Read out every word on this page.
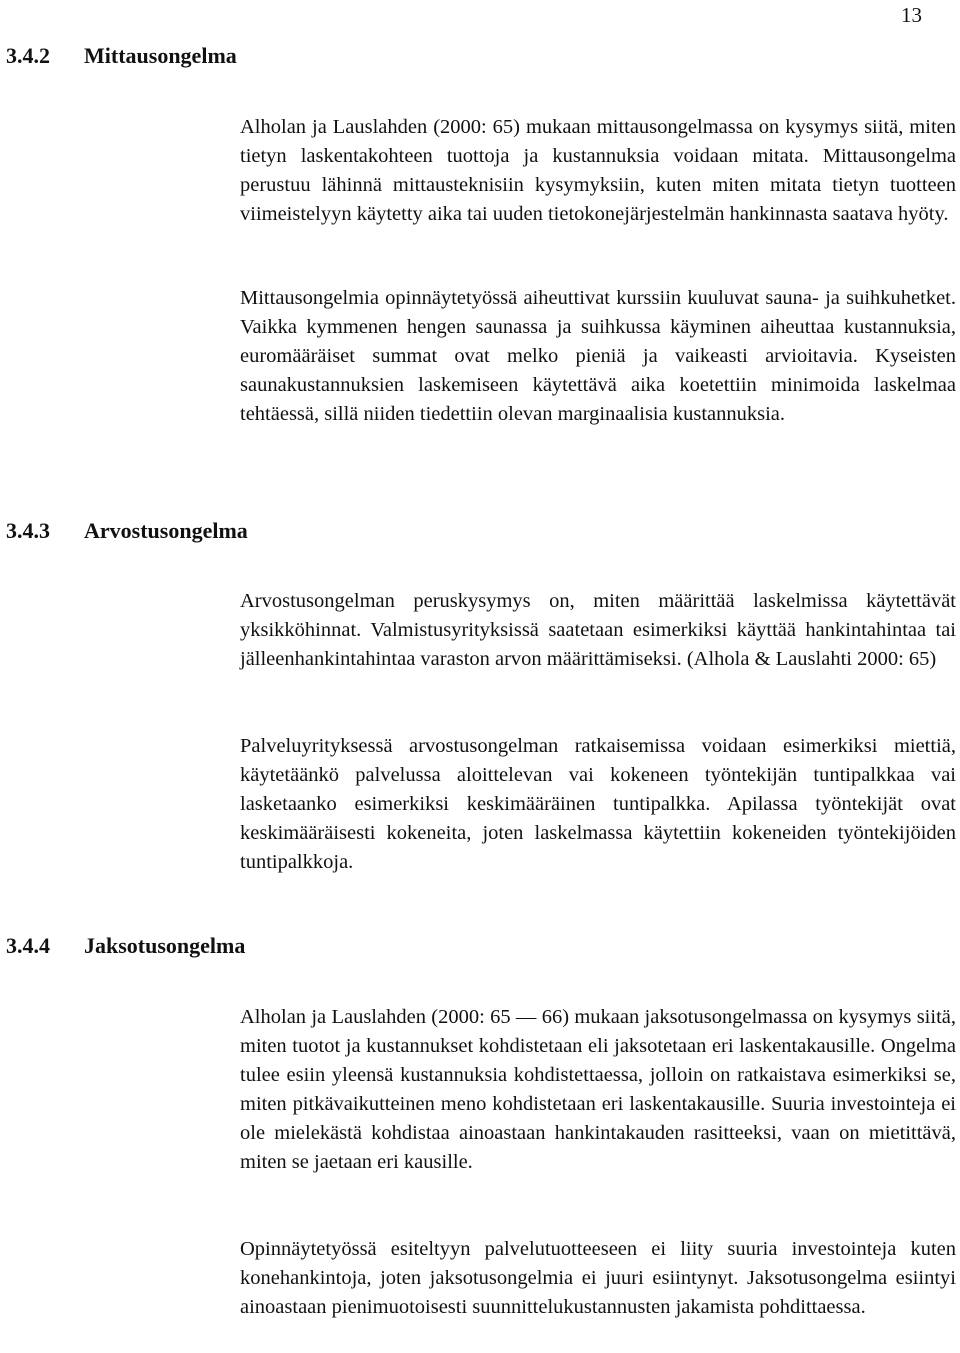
13
3.4.2 Mittausongelma

Alholan ja Lauslahden (2000: 65) mukaan mittausongelmassa on kysymys siitä, miten tietyn laskentakohteen tuottoja ja kustannuksia voidaan mitata. Mittausongelma perustuu lähinnä mittausteknisiin kysymyksiin, kuten miten mitata tietyn tuotteen viimeistelyyn käytetty aika tai uuden tietokonejärjestelmän hankinnasta saatava hyöty.

Mittausongelmia opinnäytetyössä aiheuttivat kurssiin kuuluvat sauna- ja suihkuhetket. Vaikka kymmenen hengen saunassa ja suihkussa käyminen aiheuttaa kustannuksia, euromääräiset summat ovat melko pieniä ja vaikeasti arvioitavia. Kyseisten saunakustannuksien laskemiseen käytettävä aika koetettiin minimoida laskelmaa tehtäessä, sillä niiden tiedettiin olevan marginaalisia kustannuksia.

3.4.3 Arvostusongelma

Arvostusongelman peruskysymys on, miten määrittää laskelmissa käytettävät yksikköhinnat. Valmistusyrityksissä saatetaan esimerkiksi käyttää hankintahintaa tai jälleenhankintahintaa varaston arvon määrittämiseksi. (Alhola & Lauslahti 2000: 65)

Palveluyrityksessä arvostusongelman ratkaisemissa voidaan esimerkiksi miettiä, käytetäänkö palvelussa aloittelevan vai kokeneen työntekijän tuntipalkkaa vai lasketaanko esimerkiksi keskimääräinen tuntipalkka. Apilassa työntekijät ovat keskimääräisesti kokeneita, joten laskelmassa käytettiin kokeneiden työntekijöiden tuntipalkkoja.

3.4.4 Jaksotusongelma

Alholan ja Lauslahden (2000: 65 — 66) mukaan jaksotusongelmassa on kysymys siitä, miten tuotot ja kustannukset kohdistetaan eli jaksotetaan eri laskentakausille. Ongelma tulee esiin yleensä kustannuksia kohdistettaessa, jolloin on ratkaistava esimerkiksi se, miten pitkävaikutteinen meno kohdistetaan eri laskentakausille. Suuria investointeja ei ole mielekästä kohdistaa ainoastaan hankintakauden rasitteeksi, vaan on mietittävä, miten se jaetaan eri kausille.

Opinnäytetyössä esiteltyyn palvelutuotteeseen ei liity suuria investointeja kuten konehankintoja, joten jaksotusongelmia ei juuri esiintynyt. Jaksotusongelma esiintyi ainoastaan pienimuotoisesti suunnittelukustannusten jakamista pohdittaessa.
